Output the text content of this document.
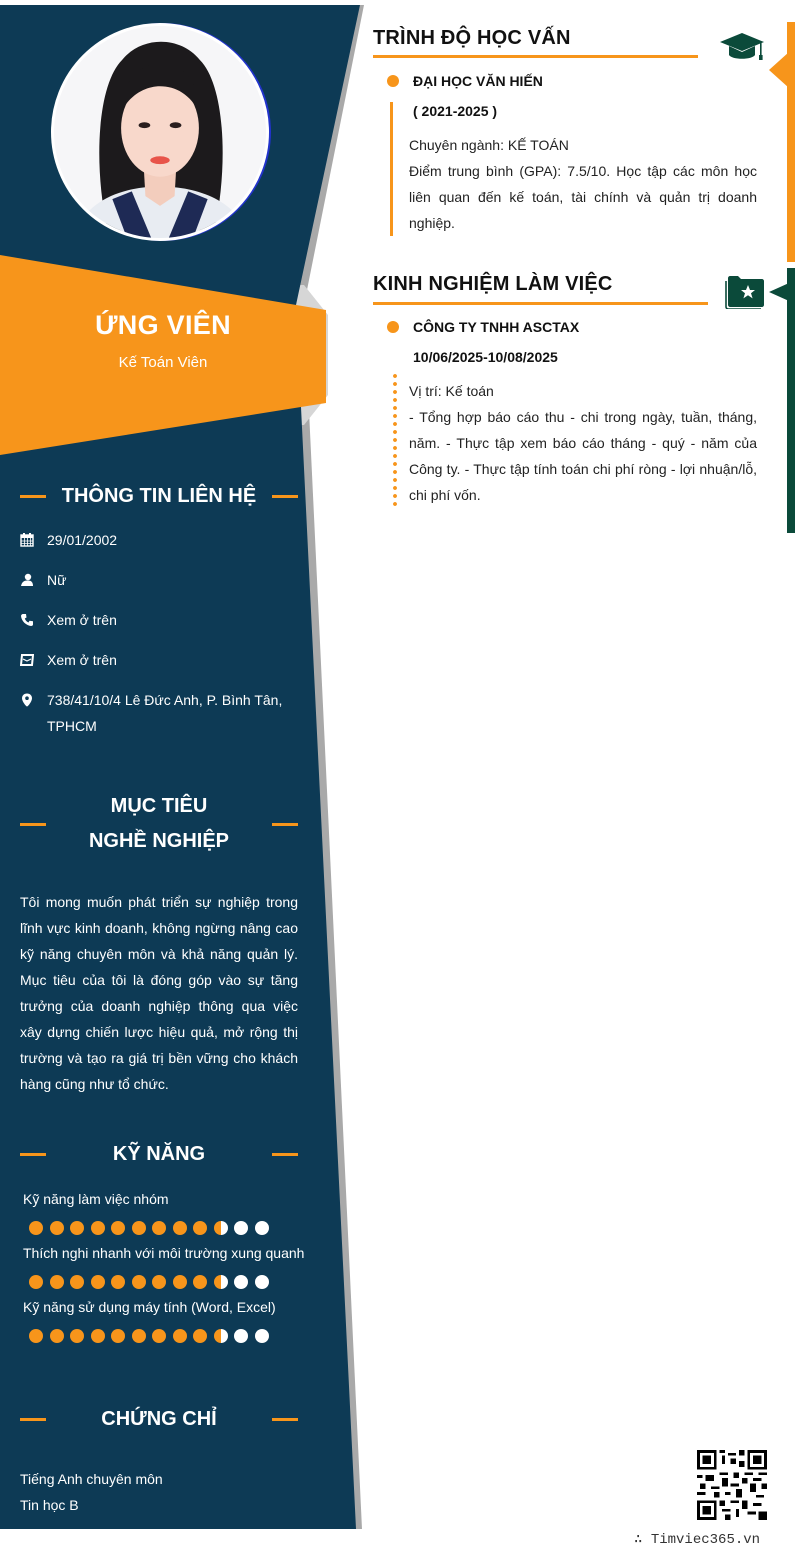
ỨNG VIÊN
Kế Toán Viên
THÔNG TIN LIÊN HỆ
29/01/2002
Nữ
Xem ở trên
Xem ở trên
738/41/10/4 Lê Đức Anh, P. Bình Tân, TPHCM
MỤC TIÊU NGHỀ NGHIỆP
Tôi mong muốn phát triển sự nghiệp trong lĩnh vực kinh doanh, không ngừng nâng cao kỹ năng chuyên môn và khả năng quản lý. Mục tiêu của tôi là đóng góp vào sự tăng trưởng của doanh nghiệp thông qua việc xây dựng chiến lược hiệu quả, mở rộng thị trường và tạo ra giá trị bền vững cho khách hàng cũng như tổ chức.
KỸ NĂNG
Kỹ năng làm việc nhóm
Thích nghi nhanh với môi trường xung quanh
Kỹ năng sử dụng máy tính (Word, Excel)
CHỨNG CHỈ
Tiếng Anh chuyên môn
Tin học B
TRÌNH ĐỘ HỌC VẤN
ĐẠI HỌC VĂN HIẾN
( 2021-2025 )
Chuyên ngành: KẾ TOÁN
Điểm trung bình (GPA): 7.5/10. Học tập các môn học liên quan đến kế toán, tài chính và quản trị doanh nghiệp.
KINH NGHIỆM LÀM VIỆC
CÔNG TY TNHH ASCTAX
10/06/2025-10/08/2025
Vị trí: Kế toán
- Tổng hợp báo cáo thu - chi trong ngày, tuần, tháng, năm. - Thực tập xem báo cáo tháng - quý - năm của Công ty. - Thực tập tính toán chi phí ròng - lợi nhuận/lỗ, chi phí vốn.
∴ Timviec365.vn
